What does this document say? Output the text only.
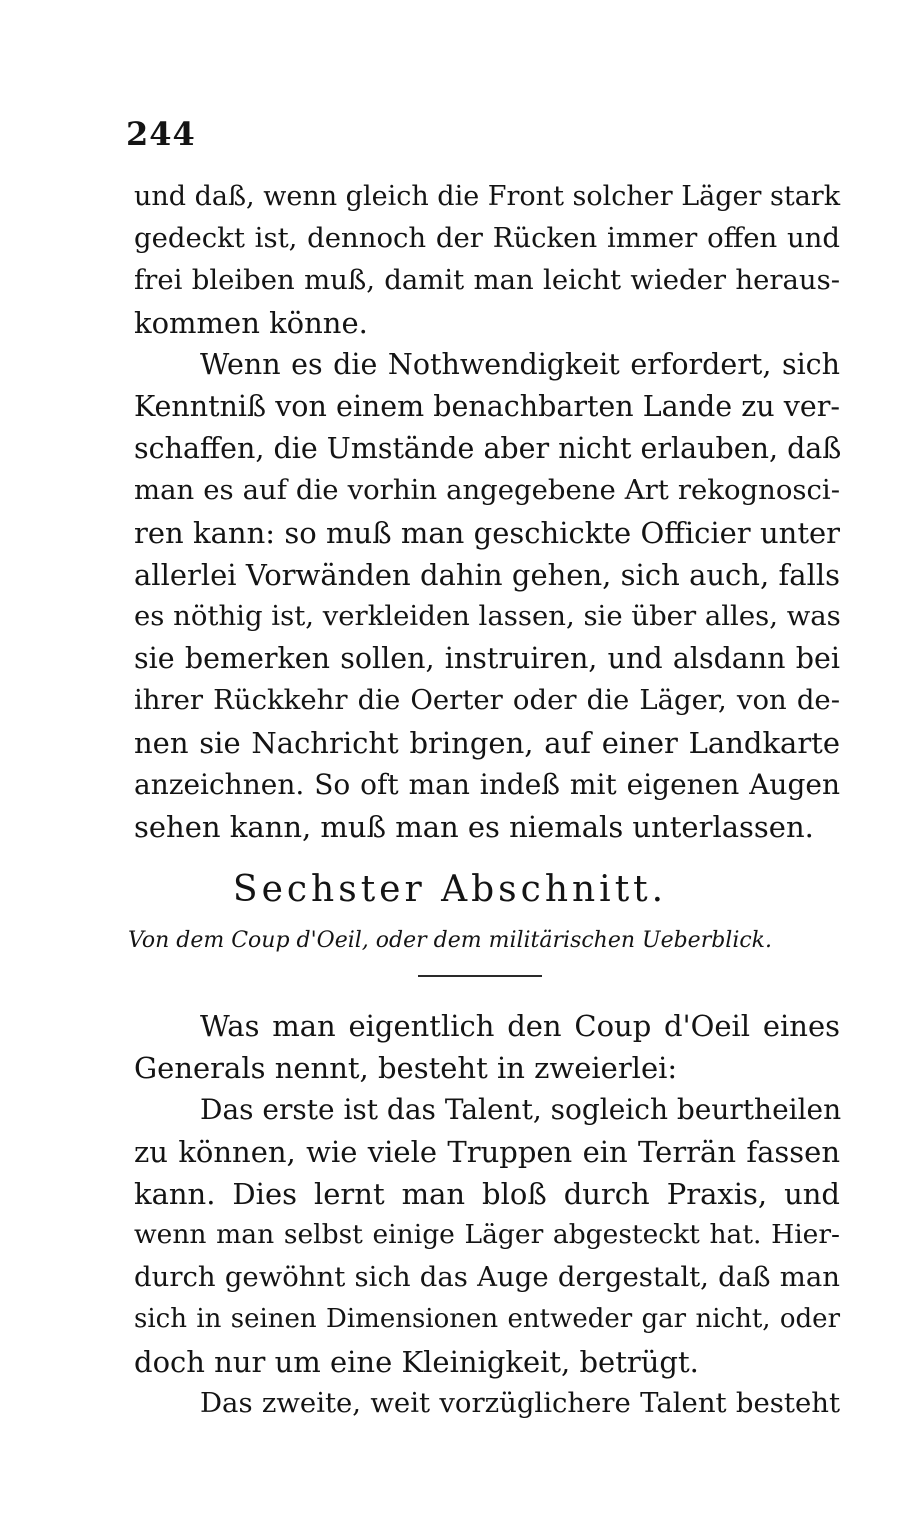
244
und daß, wenn gleich die Front solcher Läger stark
gedeckt ist, dennoch der Rücken immer offen und
frei bleiben muß, damit man leicht wieder heraus-
kommen könne.
Wenn es die Nothwendigkeit erfordert, sich
Kenntniß von einem benachbarten Lande zu ver-
schaffen, die Umstände aber nicht erlauben, daß
man es auf die vorhin angegebene Art rekognosci-
ren kann: so muß man geschickte Officier unter
allerlei Vorwänden dahin gehen, sich auch, falls
es nöthig ist, verkleiden lassen, sie über alles, was
sie bemerken sollen, instruiren, und alsdann bei
ihrer Rückkehr die Oerter oder die Läger, von de-
nen sie Nachricht bringen, auf einer Landkarte
anzeichnen. So oft man indeß mit eigenen Augen
sehen kann, muß man es niemals unterlassen.
Sechster Abschnitt.
Von dem Coup d'Oeil, oder dem militärischen Ueberblick.
Was man eigentlich den Coup d'Oeil eines
Generals nennt, besteht in zweierlei:
Das erste ist das Talent, sogleich beurtheilen
zu können, wie viele Truppen ein Terrän fassen
kann. Dies lernt man bloß durch Praxis, und
wenn man selbst einige Läger abgesteckt hat. Hier-
durch gewöhnt sich das Auge dergestalt, daß man
sich in seinen Dimensionen entweder gar nicht, oder
doch nur um eine Kleinigkeit, betrügt.
Das zweite, weit vorzüglichere Talent besteht
